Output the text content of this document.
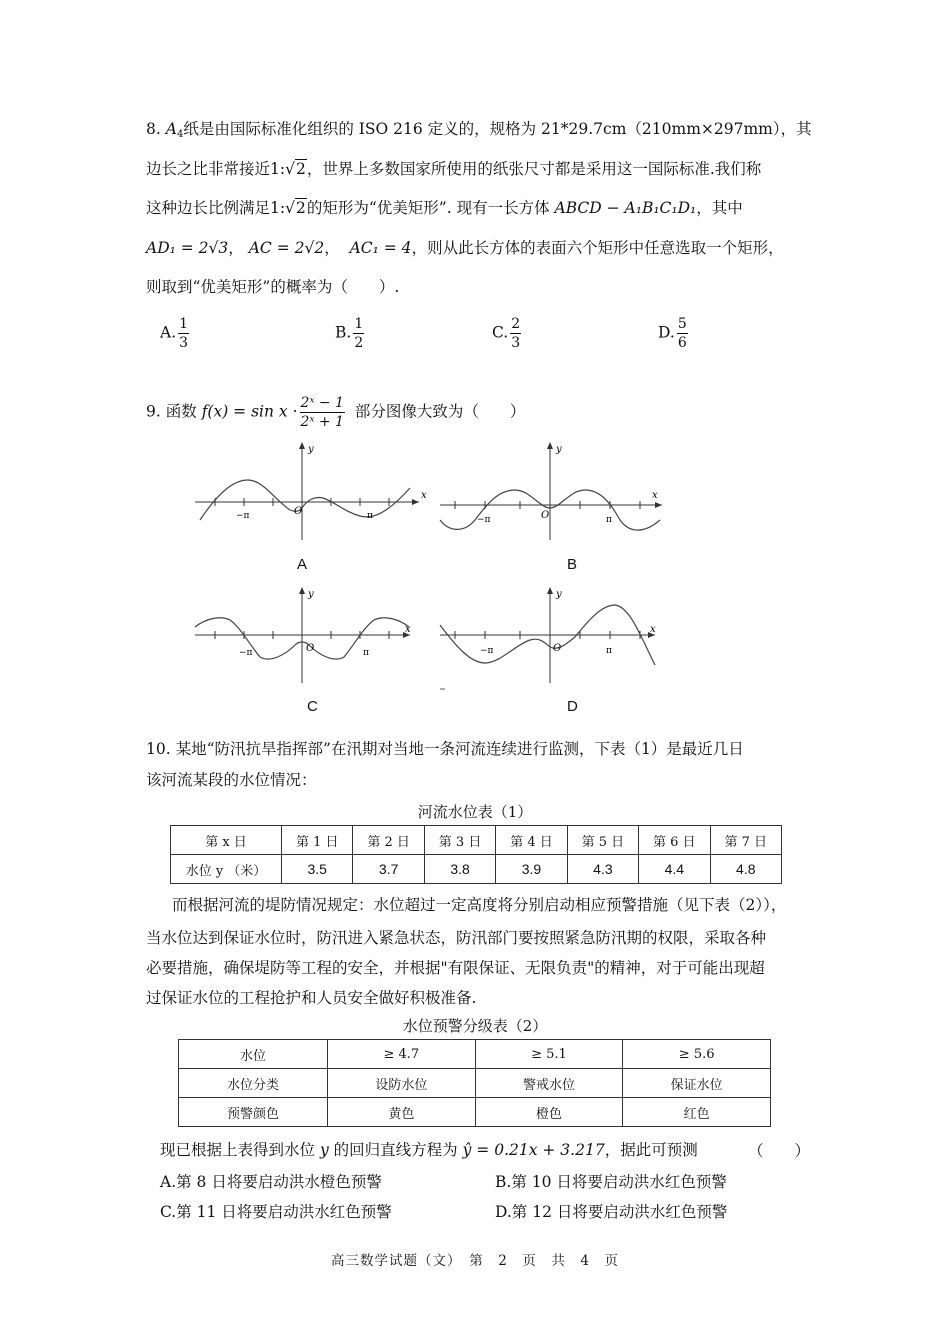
8. $A_4$纸是由国际标准化组织的 ISO 216 定义的，规格为 21*29.7cm（210mm×297mm），其
边长之比非常接近1:√2，世界上多数国家所使用的纸张尺寸都是采用这一国际标准.我们称
这种边长比例满足1:√2的矩形为“优美矩形”. 现有一长方体 ABCD − A₁B₁C₁D₁，其中
AD₁ = 2√3， AC = 2√2，  AC₁ = 4，则从此长方体的表面六个矩形中任意选取一个矩形，
则取到“优美矩形”的概率为（　　）.
A. $\frac{1}{3}$	B. $\frac{1}{2}$	C. $\frac{2}{3}$	D. $\frac{5}{6}$
9. 函数 $f(x) = \sin x \cdot \frac{\text{2ˣ − 1}}{\text{2ˣ + 1}}$ 部分图像大致为（　　）
x
y
O
−π	π
A
x
y
O
−π	π
B
x
y
O
−π	π
C
x
y
O
−π	π
D
10. 某地“防汛抗旱指挥部”在汛期对当地一条河流连续进行监测，下表（1）是最近几日
该河流某段的水位情况：
河流水位表（1）
第 x 日	第 1 日	第 2 日	第 3 日	第 4 日	第 5 日	第 6 日	第 7 日
水位 y （米）	3.5	3.7	3.8	3.9	4.3	4.4	4.8
而根据河流的堤防情况规定：水位超过一定高度将分别启动相应预警措施（见下表（2）），
当水位达到保证水位时，防汛进入紧急状态，防汛部门要按照紧急防汛期的权限，采取各种
必要措施，确保堤防等工程的安全，并根据"有限保证、无限负责"的精神，对于可能出现超
过保证水位的工程抢护和人员安全做好积极准备.
水位预警分级表（2）
水位	≥ 4.7	≥ 5.1	≥ 5.6
水位分类	设防水位	警戒水位	保证水位
预警颜色	黄色	橙色	红色
现已根据上表得到水位 y 的回归直线方程为 ŷ = 0.21x + 3.217，据此可预测	（　　）
A.第 8 日将要启动洪水橙色预警	B.第 10 日将要启动洪水红色预警
C.第 11 日将要启动洪水红色预警	D.第 12 日将要启动洪水红色预警
高三数学试题（文）　第　2　页　共　4　页
